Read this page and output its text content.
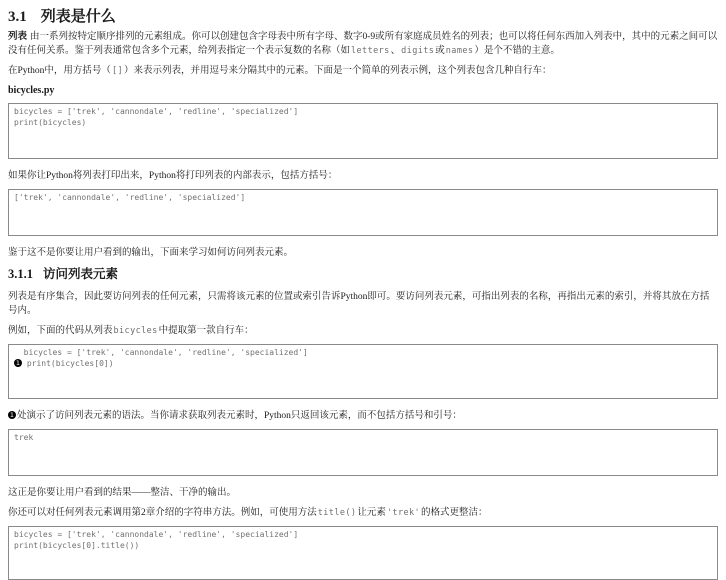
3.1 列表是什么

列表 由一系列按特定顺序排列的元素组成。你可以创建包含字母表中所有字母、数字0-9或所有家庭成员姓名的列表；也可以将任何东西加入列表中，其中的元素之间可以没有任何关系。鉴于列表通常包含多个元素，给列表指定一个表示复数的名称（如letters、digits或names）是个不错的主意。

在Python中，用方括号（[]）来表示列表，并用逗号来分隔其中的元素。下面是一个简单的列表示例，这个列表包含几种自行车：

bicycles.py

bicycles = ['trek', 'cannondale', 'redline', 'specialized']
print(bicycles)

如果你让Python将列表打印出来，Python将打印列表的内部表示，包括方括号：

['trek', 'cannondale', 'redline', 'specialized']

鉴于这不是你要让用户看到的输出，下面来学习如何访问列表元素。

3.1.1 访问列表元素

列表是有序集合，因此要访问列表的任何元素，只需将该元素的位置或索引告诉Python即可。要访问列表元素，可指出列表的名称，再指出元素的索引，并将其放在方括号内。

例如，下面的代码从列表bicycles中提取第一款自行车：

bicycles = ['trek', 'cannondale', 'redline', 'specialized']
1 print(bicycles[0])

1 处演示了访问列表元素的语法。当你请求获取列表元素时，Python只返回该元素，而不包括方括号和引号：

trek

这正是你要让用户看到的结果——整洁、干净的输出。

你还可以对任何列表元素调用第2章介绍的字符串方法。例如，可使用方法title()让元素'trek'的格式更整洁：

bicycles = ['trek', 'cannondale', 'redline', 'specialized']
print(bicycles[0].title())
